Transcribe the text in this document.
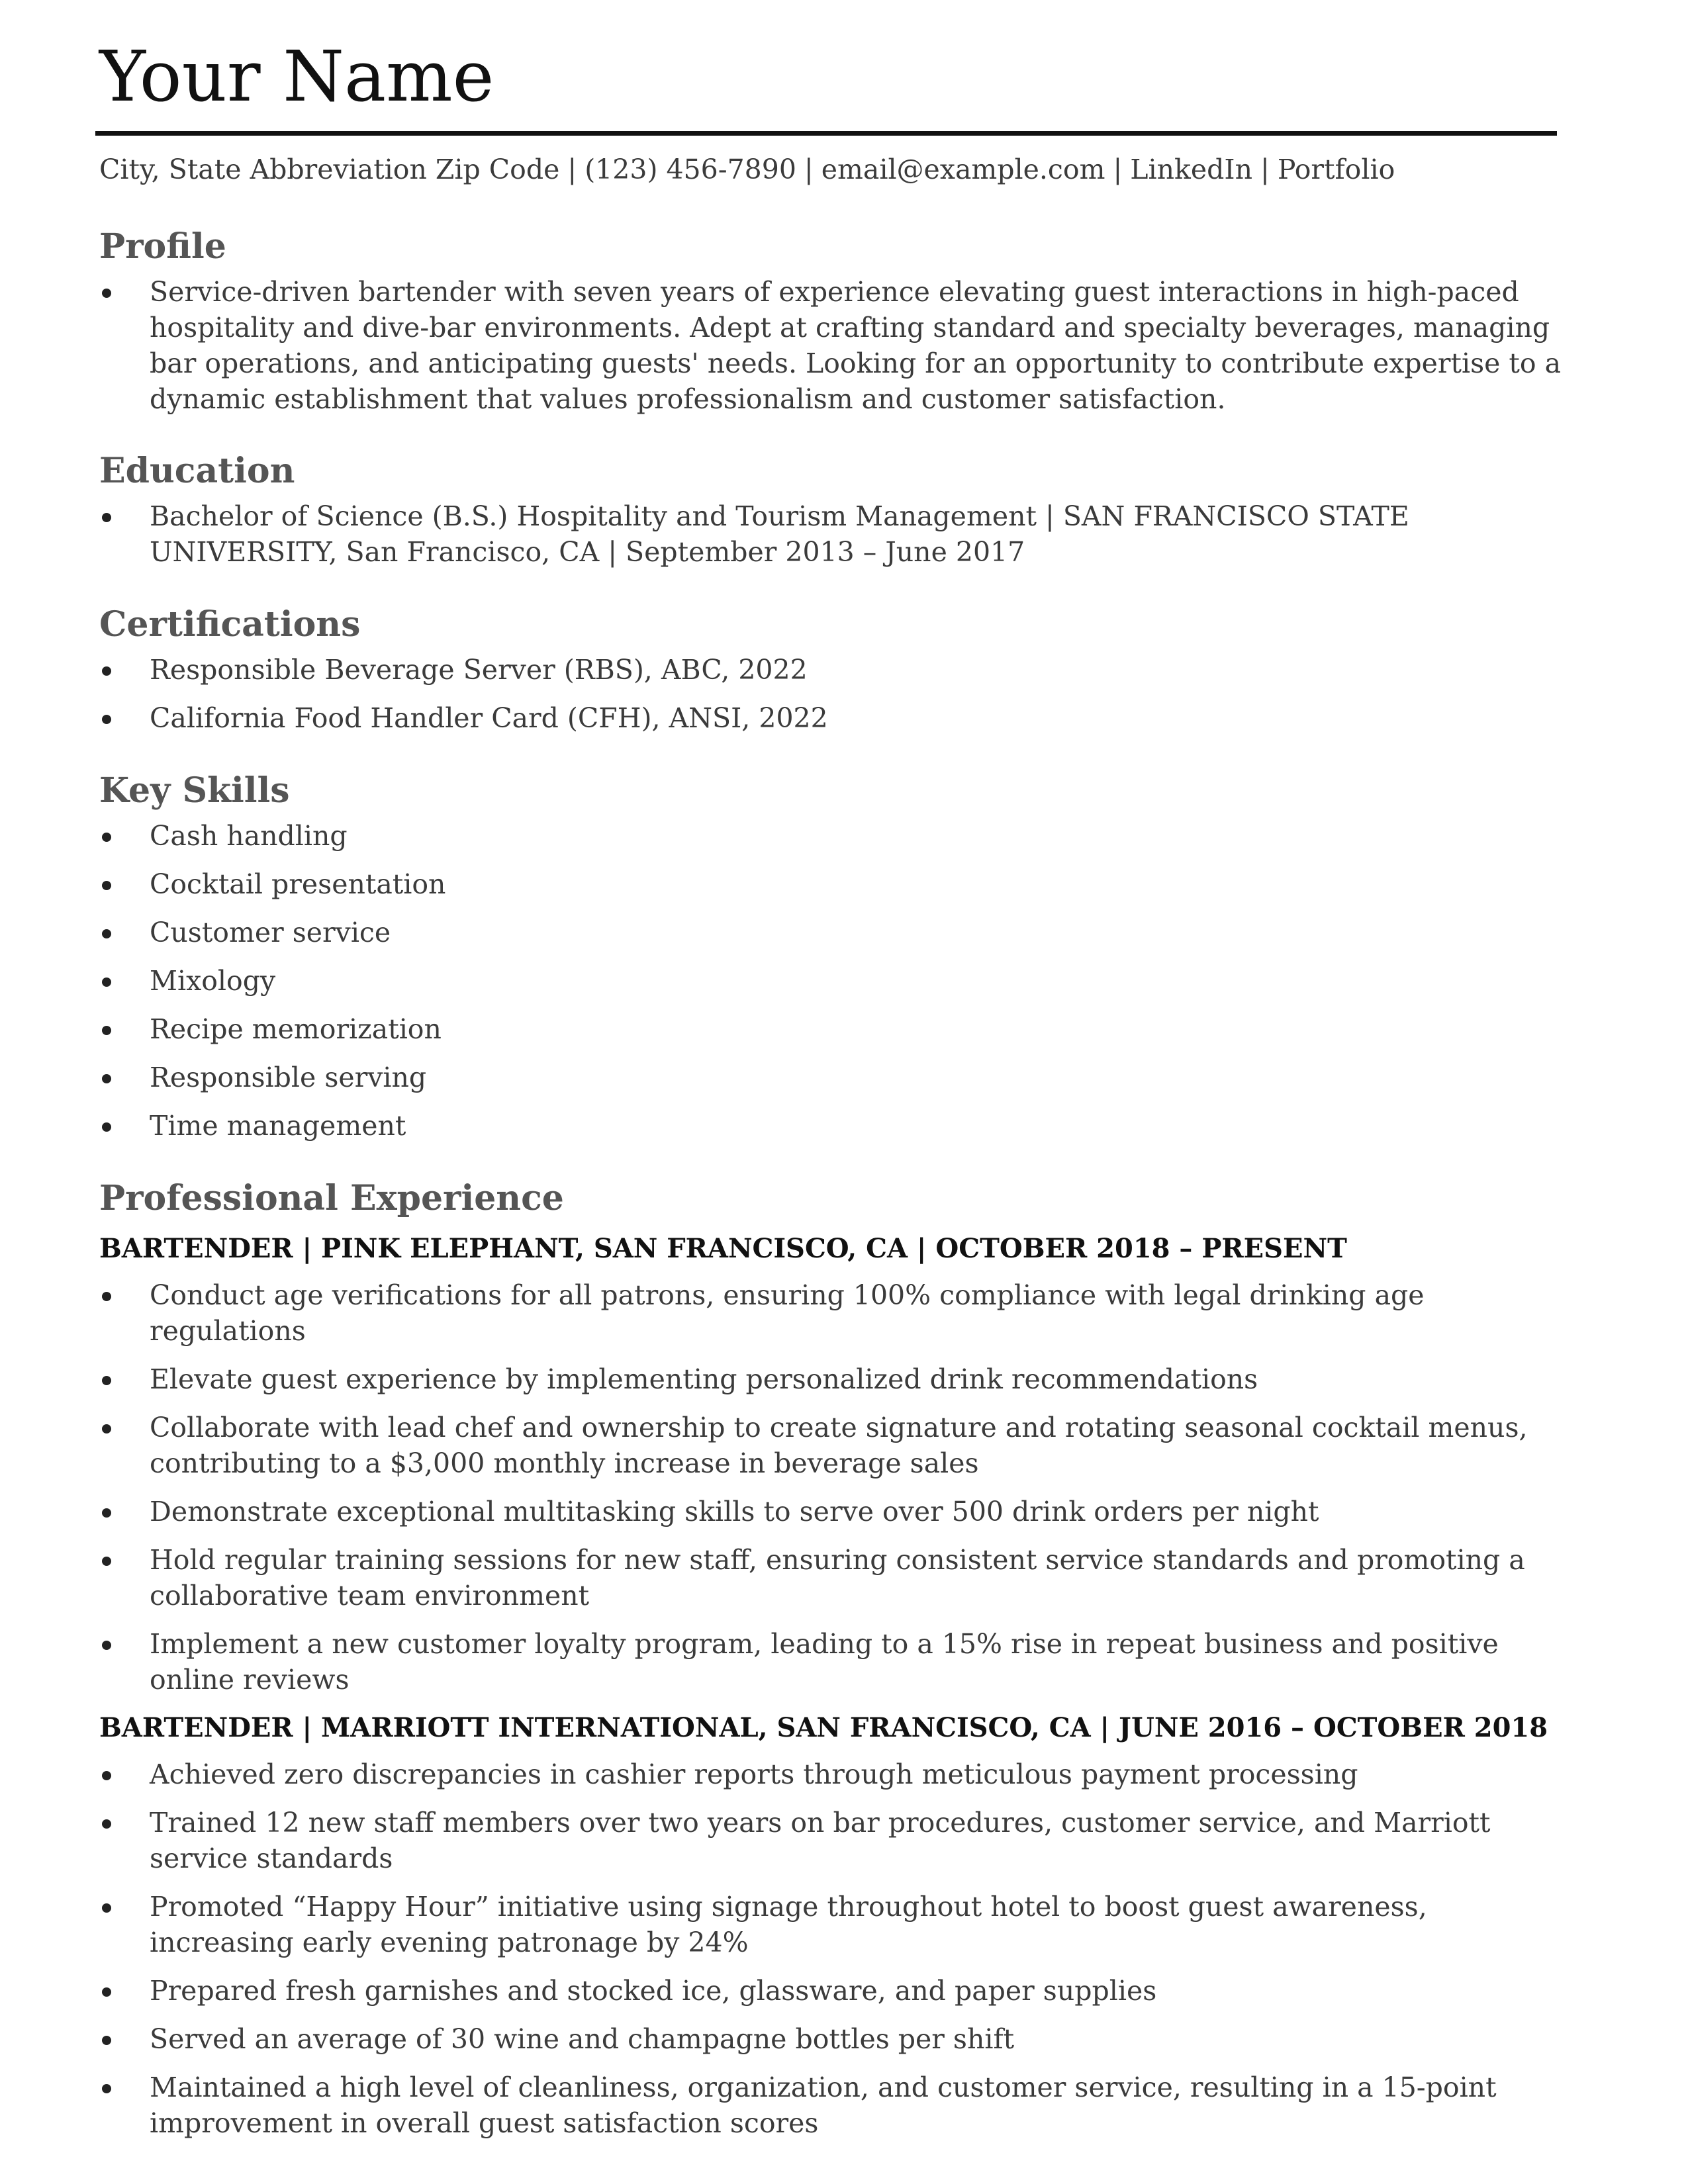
Your Name
City, State Abbreviation Zip Code | (123) 456-7890 | email@example.com | LinkedIn | Portfolio
Profile
Service-driven bartender with seven years of experience elevating guest interactions in high-paced hospitality and dive-bar environments. Adept at crafting standard and specialty beverages, managing bar operations, and anticipating guests' needs. Looking for an opportunity to contribute expertise to a dynamic establishment that values professionalism and customer satisfaction.
Education
Bachelor of Science (B.S.) Hospitality and Tourism Management | SAN FRANCISCO STATE UNIVERSITY, San Francisco, CA | September 2013 – June 2017
Certifications
Responsible Beverage Server (RBS), ABC, 2022
California Food Handler Card (CFH), ANSI, 2022
Key Skills
Cash handling
Cocktail presentation
Customer service
Mixology
Recipe memorization
Responsible serving
Time management
Professional Experience
BARTENDER | PINK ELEPHANT, SAN FRANCISCO, CA | OCTOBER 2018 – PRESENT
Conduct age verifications for all patrons, ensuring 100% compliance with legal drinking age regulations
Elevate guest experience by implementing personalized drink recommendations
Collaborate with lead chef and ownership to create signature and rotating seasonal cocktail menus, contributing to a $3,000 monthly increase in beverage sales
Demonstrate exceptional multitasking skills to serve over 500 drink orders per night
Hold regular training sessions for new staff, ensuring consistent service standards and promoting a collaborative team environment
Implement a new customer loyalty program, leading to a 15% rise in repeat business and positive online reviews
BARTENDER | MARRIOTT INTERNATIONAL, SAN FRANCISCO, CA | JUNE 2016 – OCTOBER 2018
Achieved zero discrepancies in cashier reports through meticulous payment processing
Trained 12 new staff members over two years on bar procedures, customer service, and Marriott service standards
Promoted “Happy Hour” initiative using signage throughout hotel to boost guest awareness, increasing early evening patronage by 24%
Prepared fresh garnishes and stocked ice, glassware, and paper supplies
Served an average of 30 wine and champagne bottles per shift
Maintained a high level of cleanliness, organization, and customer service, resulting in a 15-point improvement in overall guest satisfaction scores
